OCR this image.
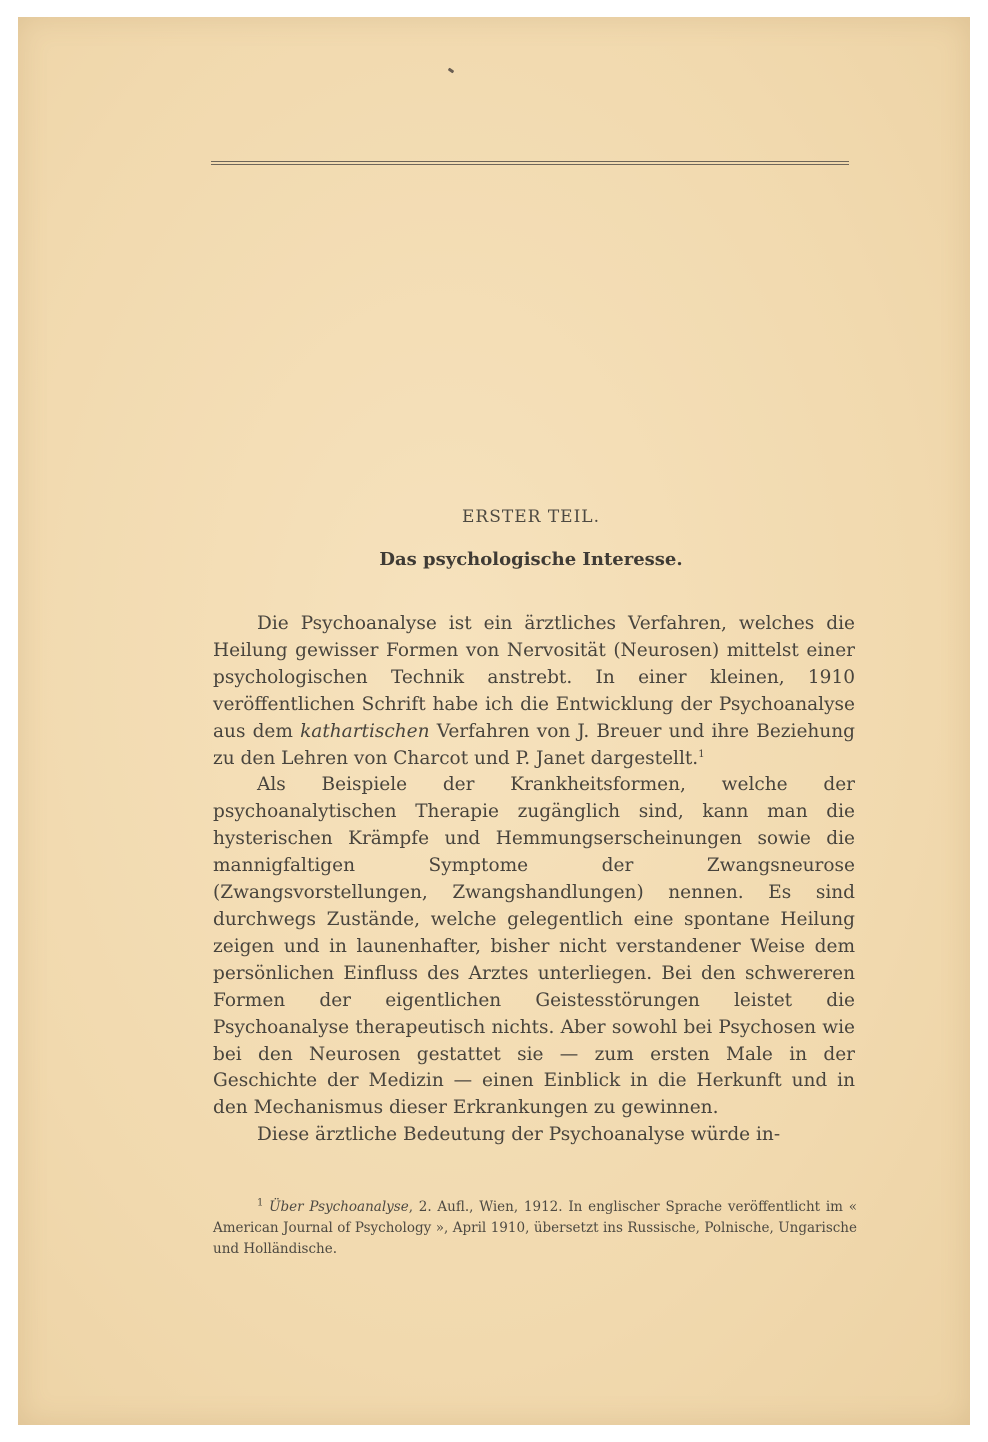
ERSTER TEIL.
Das psychologische Interesse.

Die Psychoanalyse ist ein ärztliches Verfahren, welches die Heilung gewisser Formen von Nervosität (Neurosen) mittelst einer psychologischen Technik anstrebt. In einer kleinen, 1910 veröffentlichen Schrift habe ich die Entwicklung der Psychoanalyse aus dem kathartischen Verfahren von J. Breuer und ihre Beziehung zu den Lehren von Charcot und P. Janet dargestellt.$^1$

Als Beispiele der Krankheitsformen, welche der psychoanalytischen Therapie zugänglich sind, kann man die hysterischen Krämpfe und Hemmungserscheinungen sowie die mannigfaltigen Symptome der Zwangsneurose (Zwangsvorstellungen, Zwangshandlungen) nennen. Es sind durchwegs Zustände, welche gelegentlich eine spontane Heilung zeigen und in launenhafter, bisher nicht verstandener Weise dem persönlichen Einfluss des Arztes unterliegen. Bei den schwereren Formen der eigentlichen Geistesstörungen leistet die Psychoanalyse therapeutisch nichts. Aber sowohl bei Psychosen wie bei den Neurosen gestattet sie — zum ersten Male in der Geschichte der Medizin — einen Einblick in die Herkunft und in den Mechanismus dieser Erkrankungen zu gewinnen.

Diese ärztliche Bedeutung der Psychoanalyse würde in-

$^1$ Über Psychoanalyse, 2. Aufl., Wien, 1912. In englischer Sprache veröffentlicht im « American Journal of Psychology », April 1910, übersetzt ins Russische, Polnische, Ungarische und Holländische.
